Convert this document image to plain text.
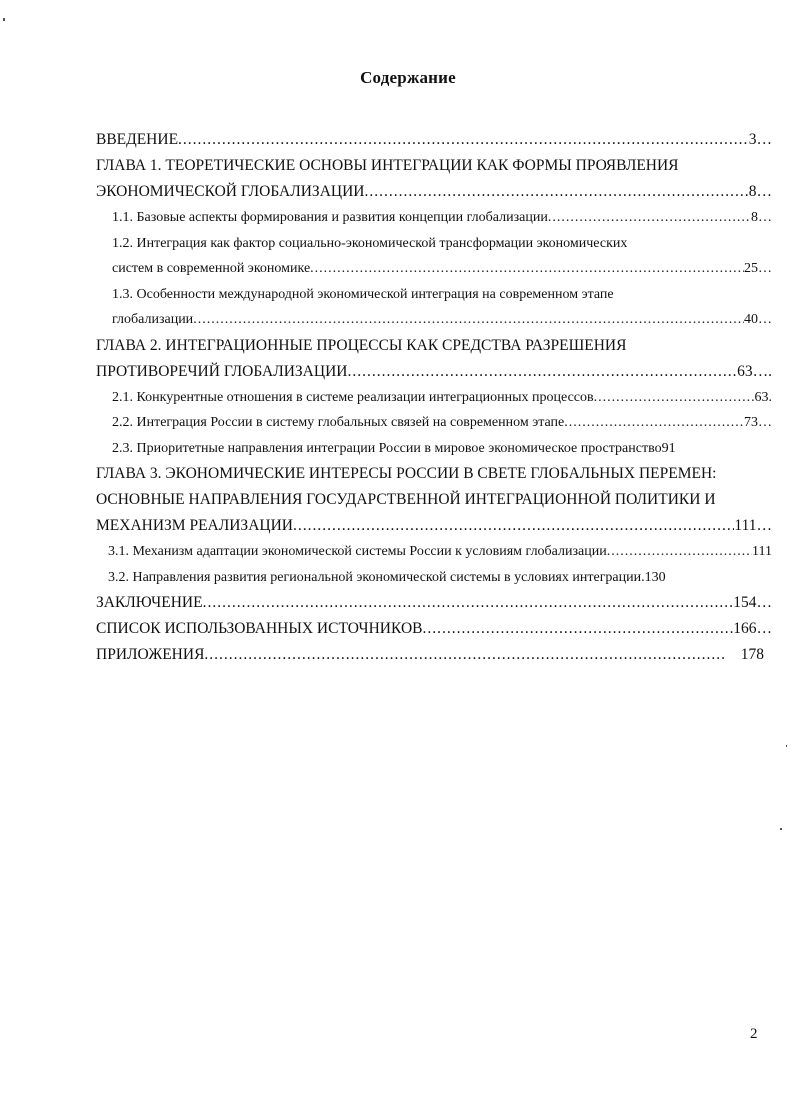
Содержание
ВВЕДЕНИЕ .....	3…
ГЛАВА 1. ТЕОРЕТИЧЕСКИЕ ОСНОВЫ ИНТЕГРАЦИИ КАК ФОРМЫ ПРОЯВЛЕНИЯ
ЭКОНОМИЧЕСКОЙ ГЛОБАЛИЗАЦИИ .....	8…
1.1. Базовые аспекты формирования и развития концепции глобализации .....	8…
1.2. Интеграция как фактор социально-экономической трансформации экономических
систем в современной экономике .....	25…
1.3. Особенности международной экономической интеграция на современном этапе
глобализации .....	40…
ГЛАВА 2. ИНТЕГРАЦИОННЫЕ ПРОЦЕССЫ КАК СРЕДСТВА РАЗРЕШЕНИЯ
ПРОТИВОРЕЧИЙ ГЛОБАЛИЗАЦИИ .....	63….
2.1. Конкурентные отношения в системе реализации интеграционных процессов .....	63.
2.2. Интеграция России в систему глобальных связей на современном этапе .....	73…
2.3. Приоритетные направления интеграции России в мировое экономическое пространство 91
ГЛАВА 3. ЭКОНОМИЧЕСКИЕ ИНТЕРЕСЫ РОССИИ В СВЕТЕ ГЛОБАЛЬНЫХ ПЕРЕМЕН:
ОСНОВНЫЕ НАПРАВЛЕНИЯ ГОСУДАРСТВЕННОЙ ИНТЕГРАЦИОННОЙ ПОЛИТИКИ И
МЕХАНИЗМ РЕАЛИЗАЦИИ .....	111…
3.1. Механизм адаптации экономической системы России к условиям глобализации .....	111
3.2. Направления развития региональной экономической системы в условиях интеграции .130
ЗАКЛЮЧЕНИЕ .....	154…
СПИСОК ИСПОЛЬЗОВАННЫХ ИСТОЧНИКОВ .....	166…
ПРИЛОЖЕНИЯ .....	178
2
